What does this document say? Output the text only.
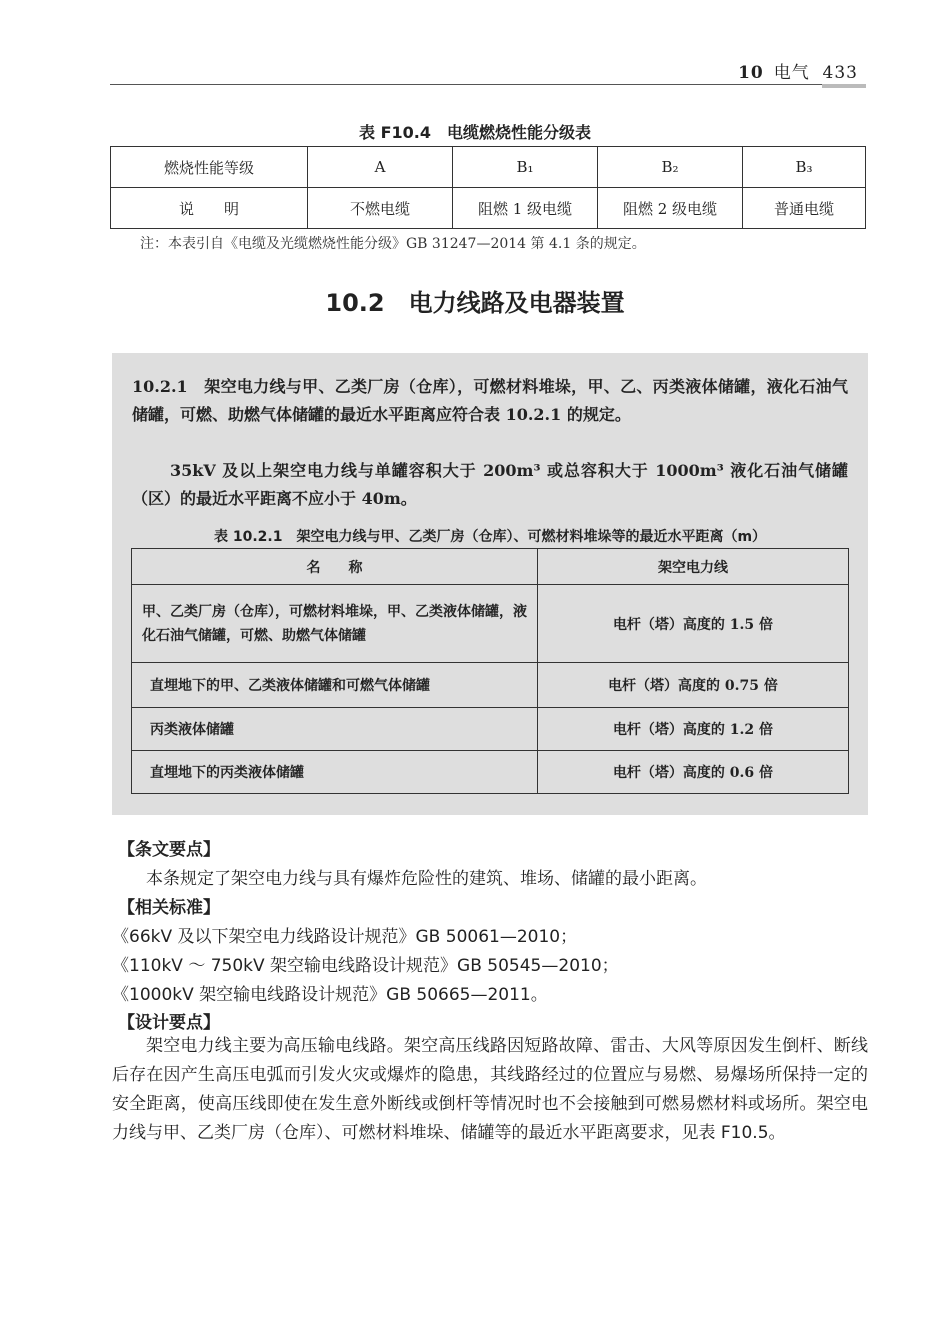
10 电气 433
表 F10.4　电缆燃烧性能分级表
燃烧性能等级	A	B₁	B₂	B₃
说　　明	不燃电缆	阻燃 1 级电缆	阻燃 2 级电缆	普通电缆
注：本表引自《电缆及光缆燃烧性能分级》GB 31247—2014 第 4.1 条的规定。
10.2　电力线路及电器装置

10.2.1　架空电力线与甲、乙类厂房（仓库），可燃材料堆垛，甲、乙、丙类液体储罐，液化石油气储罐，可燃、助燃气体储罐的最近水平距离应符合表 10.2.1 的规定。

35kV 及以上架空电力线与单罐容积大于 200m³ 或总容积大于 1000m³ 液化石油气储罐（区）的最近水平距离不应小于 40m。

表 10.2.1　架空电力线与甲、乙类厂房（仓库）、可燃材料堆垛等的最近水平距离（m）

名　　称	架空电力线
甲、乙类厂房（仓库），可燃材料堆垛，甲、乙类液体储罐，液化石油气储罐，可燃、助燃气体储罐	电杆（塔）高度的 1.5 倍
直埋地下的甲、乙类液体储罐和可燃气体储罐	电杆（塔）高度的 0.75 倍
丙类液体储罐	电杆（塔）高度的 1.2 倍
直埋地下的丙类液体储罐	电杆（塔）高度的 0.6 倍
【条文要点】
本条规定了架空电力线与具有爆炸危险性的建筑、堆场、储罐的最小距离。
【相关标准】
《66kV 及以下架空电力线路设计规范》GB 50061—2010；
《110kV ～ 750kV 架空输电线路设计规范》GB 50545—2010；
《1000kV 架空输电线路设计规范》GB 50665—2011。
【设计要点】

架空电力线主要为高压输电线路。架空高压线路因短路故障、雷击、大风等原因发生倒杆、断线后存在因产生高压电弧而引发火灾或爆炸的隐患，其线路经过的位置应与易燃、易爆场所保持一定的安全距离，使高压线即使在发生意外断线或倒杆等情况时也不会接触到可燃易燃材料或场所。架空电力线与甲、乙类厂房（仓库）、可燃材料堆垛、储罐等的最近水平距离要求，见表 F10.5。
